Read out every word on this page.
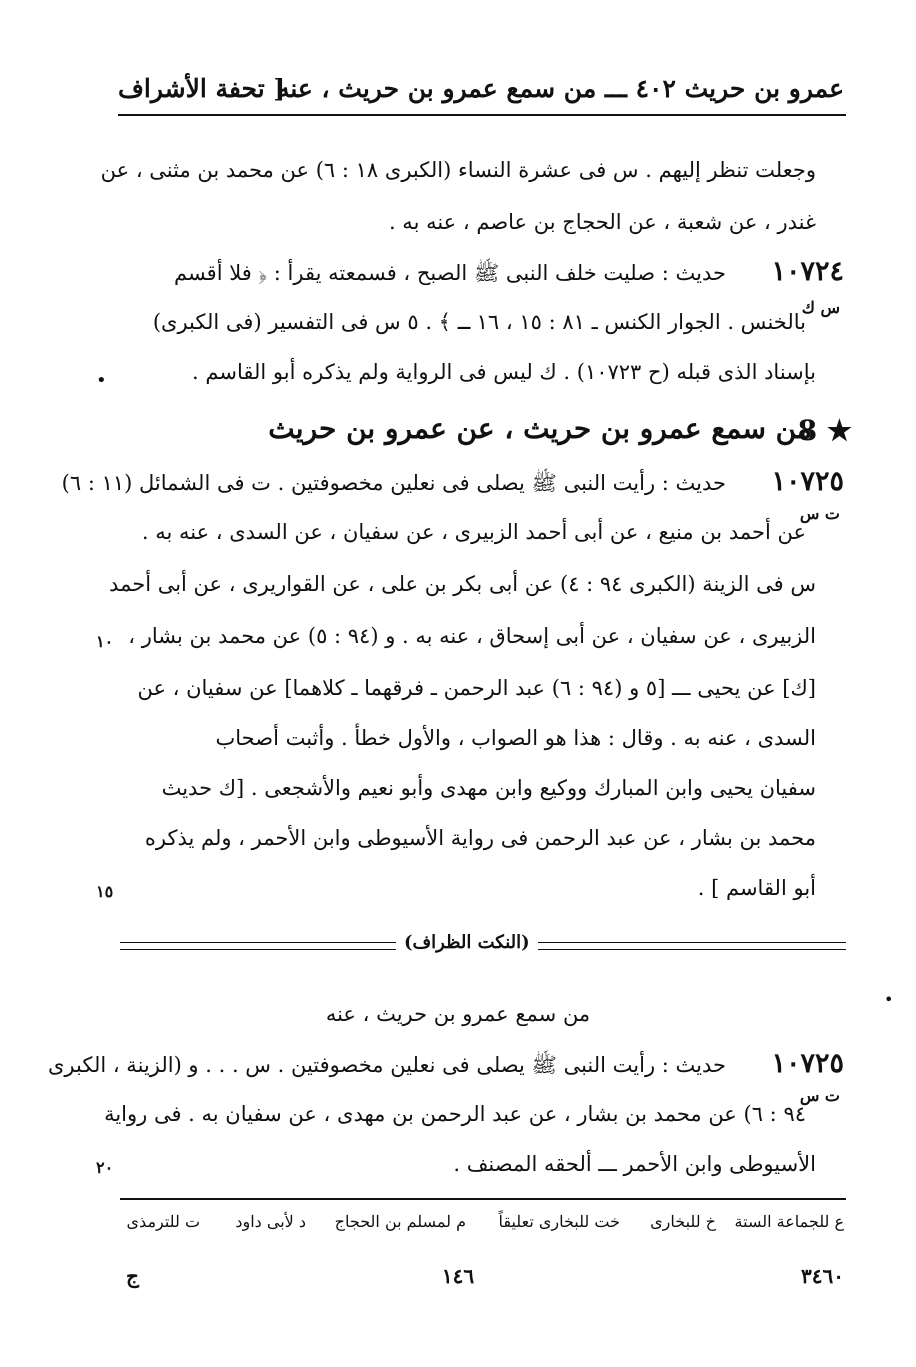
عمرو بن حريث ٤٠٢ ـــ من سمع عمرو بن حريث ، عنه
[ تحفة الأشراف
وجعلت تنظر إليهم . س فى عشرة النساء (الكبرى ١٨ : ٦) عن محمد بن مثنى ، عن
غندر ، عن شعبة ، عن الحجاج بن عاصم ، عنه به .
١٠٧٢٤
حديث : صليت خلف النبى ﷺ الصبح ، فسمعته يقرأ : ﴿ فلا أقسم
س ك
بالخنس . الجوار الكنس ـ ٨١ : ١٥ ، ١٦ ـ ﴾ . ٥ س فى التفسير (فى الكبرى)
بإسناد الذى قبله (ح ١٠٧٢٣) . ك ليس فى الرواية ولم يذكره أبو القاسم .
•
8 ★
من سمع عمرو بن حريث ، عن عمرو بن حريث
١٠٧٢٥
حديث : رأيت النبى ﷺ يصلى فى نعلين مخصوفتين . ت فى الشمائل (١١ : ٦)
ت س
عن أحمد بن منيع ، عن أبى أحمد الزبيرى ، عن سفيان ، عن السدى ، عنه به .
س فى الزينة (الكبرى ٩٤ : ٤) عن أبى بكر بن على ، عن القواريرى ، عن أبى أحمد
الزبيرى ، عن سفيان ، عن أبى إسحاق ، عنه به . و (٩٤ : ٥) عن محمد بن بشار ،
١٠
[ك] عن يحيى ـــ [٥ و (٩٤ : ٦) عبد الرحمن ـ فرقهما ـ كلاهما] عن سفيان ، عن
السدى ، عنه به . وقال : هذا هو الصواب ، والأول خطأ . وأثبت أصحاب
سفيان يحيى وابن المبارك ووكيع وابن مهدى وأبو نعيم والأشجعى . [ك حديث
محمد بن بشار ، عن عبد الرحمن فى رواية الأسيوطى وابن الأحمر ، ولم يذكره
أبو القاسم ] .
١٥
(النكت الظراف)
•
من سمع عمرو بن حريث ، عنه
١٠٧٢٥
حديث : رأيت النبى ﷺ يصلى فى نعلين مخصوفتين . س . . . و (الزينة ، الكبرى
ت س
٩٤ : ٦) عن محمد بن بشار ، عن عبد الرحمن بن مهدى ، عن سفيان به . فى رواية
الأسيوطى وابن الأحمر ـــ ألحقه المصنف .
٢٠
ع للجماعة الستة
خ للبخارى
خت للبخارى تعليقاً
م لمسلم بن الحجاج
د لأبى داود
ت للترمذى
ج	١٤٦	٣٤٦٠
